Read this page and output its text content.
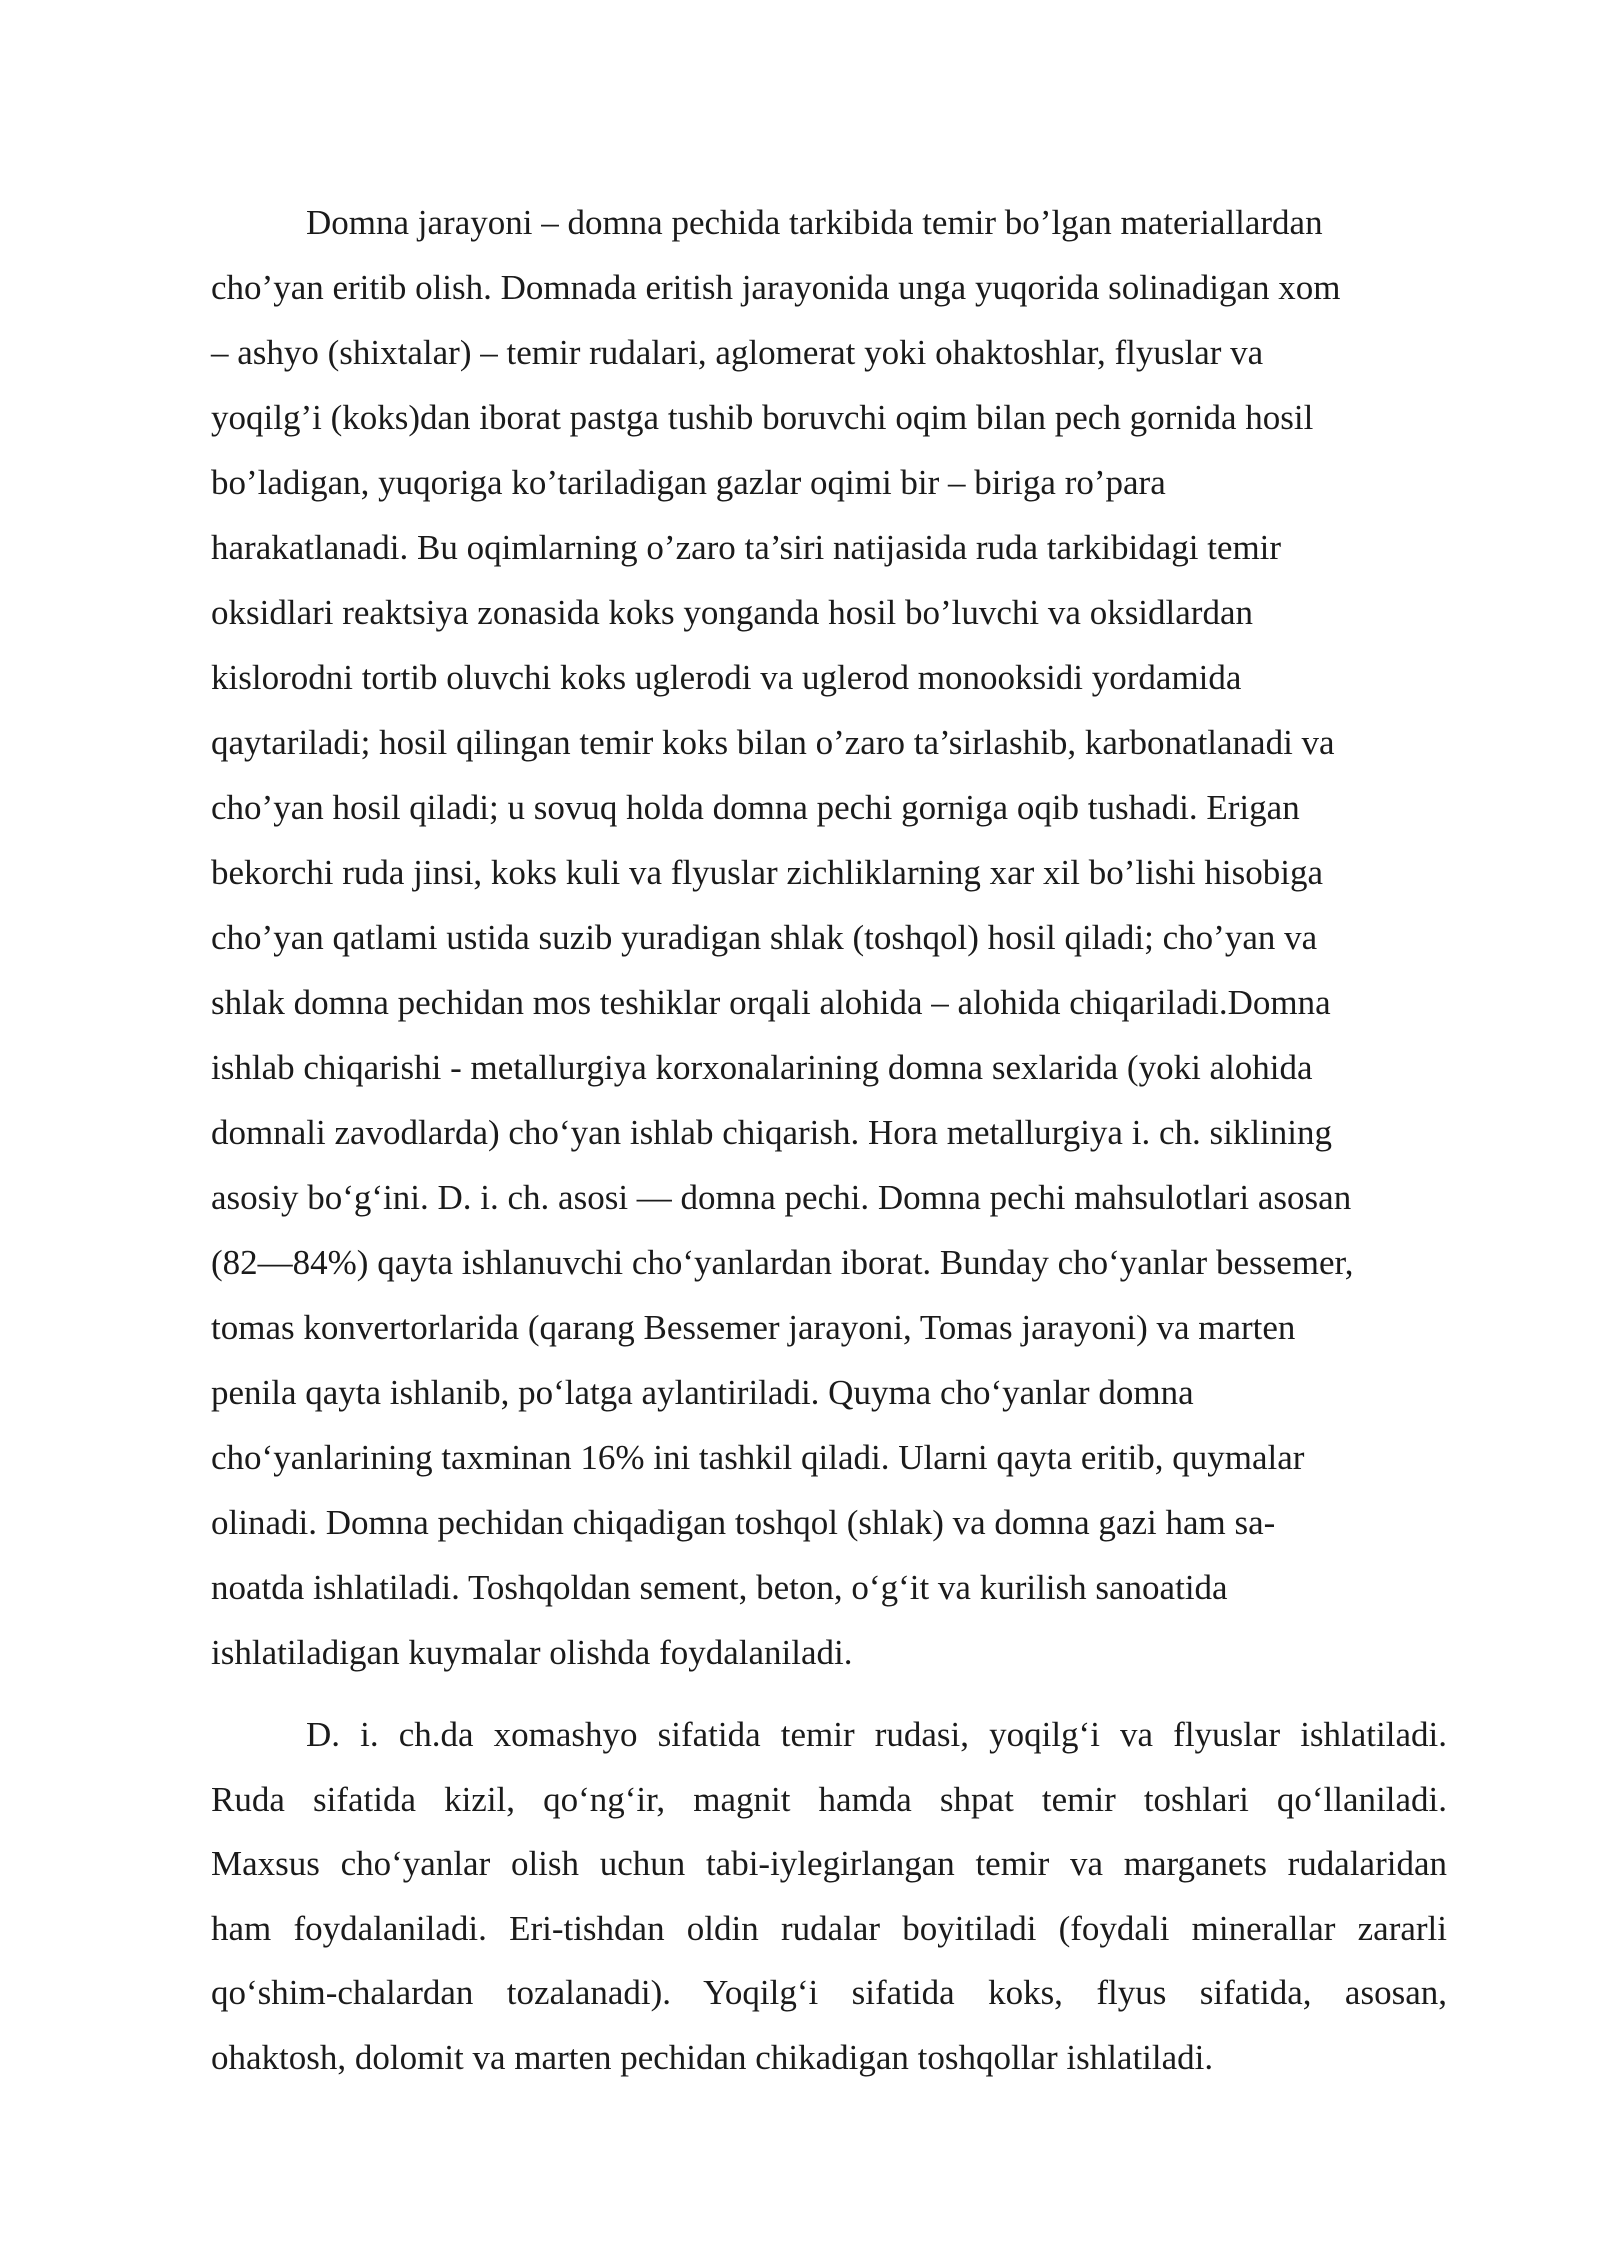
Domna jarayoni – domna pechida tarkibida temir bo’lgan materiallardan
cho’yan eritib olish. Domnada eritish jarayonida unga yuqorida solinadigan xom
– ashyo (shixtalar) – temir rudalari, aglomerat yoki ohaktoshlar, flyuslar va
yoqilg’i (koks)dan iborat pastga tushib boruvchi oqim bilan pech gornida hosil
bo’ladigan, yuqoriga ko’tariladigan gazlar oqimi bir – biriga ro’para
harakatlanadi. Bu oqimlarning o’zaro ta’siri natijasida ruda tarkibidagi temir
oksidlari reaktsiya zonasida koks yonganda hosil bo’luvchi va oksidlardan
kislorodni tortib oluvchi koks uglerodi va uglerod monooksidi yordamida
qaytariladi; hosil qilingan temir koks bilan o’zaro ta’sirlashib, karbonatlanadi va
cho’yan hosil qiladi; u sovuq holda domna pechi gorniga oqib tushadi. Erigan
bekorchi ruda jinsi, koks kuli va flyuslar zichliklarning xar xil bo’lishi hisobiga
cho’yan qatlami ustida suzib yuradigan shlak (toshqol) hosil qiladi; cho’yan va
shlak domna pechidan mos teshiklar orqali alohida – alohida chiqariladi.Domna
ishlab chiqarishi - metallurgiya korxonalarining domna sexlarida (yoki alohida
domnali zavodlarda) cho‘yan ishlab chiqarish. Hora metallurgiya i. ch. siklining
asosiy bo‘g‘ini. D. i. ch. asosi — domna pechi. Domna pechi mahsulotlari asosan
(82—84%) qayta ishlanuvchi cho‘yanlardan iborat. Bunday cho‘yanlar bessemer,
tomas konvertorlarida (qarang Bessemer jarayoni, Tomas jarayoni) va marten
penila qayta ishlanib, po‘latga aylantiriladi. Quyma cho‘yanlar domna
cho‘yanlarining taxminan 16% ini tashkil qiladi. Ularni qayta eritib, quymalar
olinadi. Domna pechidan chiqadigan toshqol (shlak) va domna gazi ham sa-
noatda ishlatiladi. Toshqoldan sement, beton, o‘g‘it va kurilish sanoatida
ishlatiladigan kuymalar olishda foydalaniladi.
D. i. ch.da xomashyo sifatida temir rudasi, yoqilg‘i va flyuslar ishlatiladi.
Ruda sifatida kizil, qo‘ng‘ir, magnit hamda shpat temir toshlari qo‘llaniladi.
Maxsus cho‘yanlar olish uchun tabi-iylegirlangan temir va marganets rudalaridan
ham foydalaniladi. Eri-tishdan oldin rudalar boyitiladi (foydali minerallar zararli
qo‘shim-chalardan tozalanadi). Yoqilg‘i sifatida koks, flyus sifatida, asosan,
ohaktosh, dolomit va marten pechidan chikadigan toshqollar ishlatiladi.
